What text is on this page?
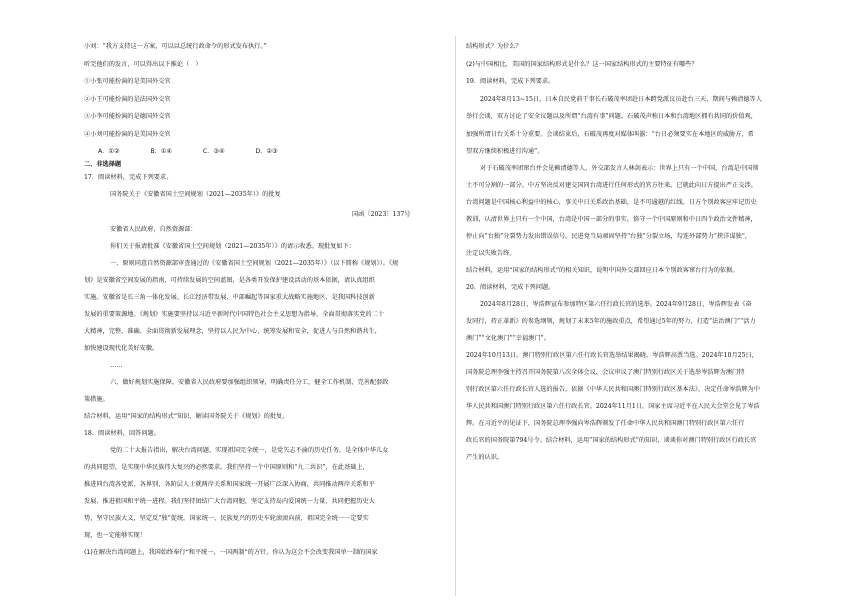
小刘：“我方支持这一方案，可以以总统行政命令的形式发布执行。”
听完他们的发言，可以得出以下推论（　）
①小张可能扮演的是美国外交官
②小王可能扮演的是法国外交官
③小李可能扮演的是德国外交官
④小刘可能扮演的是美国外交官
A．①②　　　　　B．①④　　　　　C．③④　　　　　D．②③
二、非选择题
17．阅读材料，完成下列要求。
国务院关于《安徽省国土空间规划（2021—2035年）》的批复
国函〔2023〕137号
安徽省人民政府，自然资源部：
你们关于报请批准《安徽省国土空间规划（2021—2035年）》的请示收悉。现批复如下：
一、原则同意自然资源部审查通过的《安徽省国土空间规划（2021—2035年）》（以下简称《规划》）。《规
划》是安徽省空间发展的指南、可持续发展的空间蓝图，是各类开发保护建设活动的基本依据，请认真组织
实施。安徽省是长三角一体化发展、长江经济带发展、中部崛起等国家重大战略实施地区，是我国科技创新
发展的重要策源地。《规划》实施要坚持以习近平新时代中国特色社会主义思想为指导，全面贯彻落实党的二十
大精神，完整、准确、全面贯彻新发展理念，坚持以人民为中心，统筹发展和安全，促进人与自然和谐共生，
加快建设现代化美好安徽。
……
六、做好规划实施保障。安徽省人民政府要加强组织领导，明确责任分工，健全工作机制，完善配套政
策措施。
结合材料，运用“国家的结构形式”知识，解读国务院关于《规划》的批复。
18．阅读材料，回答问题。
党的二十大报告指出，解决台湾问题、实现祖国完全统一，是党矢志不渝的历史任务，是全体中华儿女
的共同愿望，是实现中华民族伟大复兴的必然要求。我们坚持一个中国原则和“九二共识”，在此基础上，
推进同台湾各党派、各界别、各阶层人士就两岸关系和国家统一开展广泛深入协商，共同推动两岸关系和平
发展、推进祖国和平统一进程。我们坚持团结广大台湾同胞，坚定支持岛内爱国统一力量，共同把握历史大
势，坚守民族大义，坚定反“独”促统。国家统一、民族复兴的历史车轮滚滚向前，祖国完全统一一定要实
现，也一定能够实现！
(1)在解决台湾问题上，我国始终奉行“和平统一，一国两制”的方针。你认为这会不会改变我国单一制的国家
结构形式？为什么？
(2)与中国相比，美国的国家结构形式是什么？这一国家结构形式的主要特征有哪些？
19．阅读材料，完成下列要求。
2024年8月13~15日，日本自民党前干事长石破茂率团赴日本跨党派议员赴台三天，期间与赖清德等人
举行会谈，双方讨论了安全议题以及所谓“台湾有事”问题。石破茂声称日本和台湾地区拥有共同的价值观，
加强所谓日台关系十分重要。会谈结束后，石破茂再度对媒体叫嚣：“台日必须要实在本地区的威胁方，希
望双方继续积极进行沟通”。
对于石破茂率团窜台并会见赖清德等人，外交部发言人林剑表示：世界上只有一个中国，台湾是中国领
土不可分割的一部分。中方坚决反对建交国同台湾进行任何形式的官方往来，已就此向日方提出严正交涉。
台湾问题是中国核心利益中的核心，事关中日关系政治基础，是不可逾越的红线。日方个别政客应牢记历史
教训，认清世界上只有一个中国，台湾是中国一部分的事实，恪守一个中国原则和中日四个政治文件精神，
停止向“台独”分裂势力发出错误信号。民进党当局顽固坚持“台独”分裂立场，勾连外部势力“挟洋谋独”，
注定以失败告终。
结合材料，运用“国家的结构形式”的相关知识，说明中国外交部回应日本个别政客窜台行为的依据。
20．阅读材料，完成下列问题。
2024年8月28日，岑浩辉宣布参加特区第六任行政长官的选举。2024年9月28日，岑浩辉发表《奋
发同行，持正革新》的参选纲领，规划了未来5年的施政重点，希望通过5年的努力，打造“法治澳门”“活力
澳门”“文化澳门”“幸福澳门”。
2024年10月13日，澳门特别行政区第六任行政长官选举结果揭晓，岑浩辉高票当选。2024年10月25日，
国务院总理李强主持召开国务院第八次全体会议，会议审议了澳门特别行政区关于选举岑浩辉为澳门特
别行政区第六任行政长官人选的报告，依据《中华人民共和国澳门特别行政区基本法》，决定任命岑浩辉为中
华人民共和国澳门特别行政区第六任行政长官。2024年11月1日，国家主席习近平在人民大会堂会见了岑浩
辉。在习近平的见证下，国务院总理李强向岑浩辉颁发了任命中华人民共和国澳门特别行政区第六任行
政长官的国务院第794号令。结合材料，运用“国家的结构形式”的知识，谈谈你对澳门特别行政区行政长官
产生的认识。
